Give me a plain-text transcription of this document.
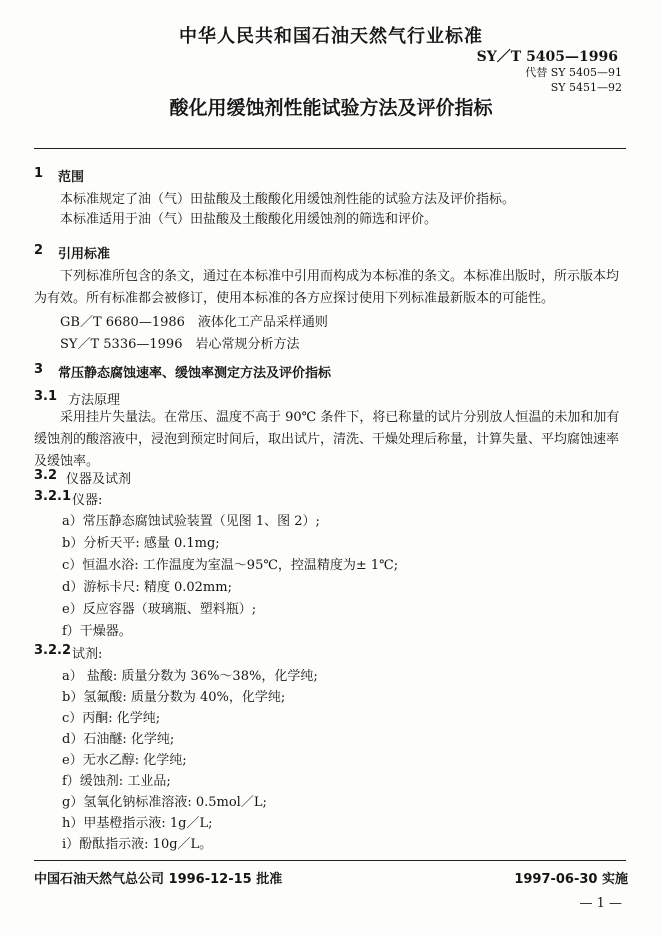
中华人民共和国石油天然气行业标准
SY／T 5405—1996
代替 SY 5405—91
SY 5451—92
酸化用缓蚀剂性能试验方法及评价指标
1 范围
本标准规定了油（气）田盐酸及土酸酸化用缓蚀剂性能的试验方法及评价指标。
本标准适用于油（气）田盐酸及土酸酸化用缓蚀剂的筛选和评价。
2 引用标准
下列标准所包含的条文，通过在本标准中引用而构成为本标准的条文。本标准出版时，所示版本均为有效。所有标准都会被修订，使用本标准的各方应探讨使用下列标准最新版本的可能性。
GB／T 6680—1986　液体化工产品采样通则
SY／T 5336—1996　岩心常规分析方法
3 常压静态腐蚀速率、缓蚀率测定方法及评价指标
3.1 方法原理
采用挂片失量法。在常压、温度不高于 90℃ 条件下，将已称量的试片分别放人恒温的未加和加有缓蚀剂的酸溶液中，浸泡到预定时间后，取出试片，清洗、干燥处理后称量，计算失量、平均腐蚀速率及缓蚀率。
3.2 仪器及试剂
3.2.1 仪器:
a）常压静态腐蚀试验装置（见图 1、图 2）;
b）分析天平: 感量 0.1mg;
c）恒温水浴: 工作温度为室温～95℃，控温精度为± 1℃;
d）游标卡尺: 精度 0.02mm;
e）反应容器（玻璃瓶、塑料瓶）;
f）干燥器。
3.2.2 试剂:
a） 盐酸: 质量分数为 36%～38%，化学纯;
b）氢氟酸: 质量分数为 40%，化学纯;
c）丙酮: 化学纯;
d）石油醚: 化学纯;
e）无水乙醇: 化学纯;
f）缓蚀剂: 工业品;
g）氢氧化钠标准溶液: 0.5mol／L;
h）甲基橙指示液: 1g／L;
i）酚酞指示液: 10g／L。
中国石油天然气总公司 1996-12-15 批准	1997-06-30 实施
— 1 —
